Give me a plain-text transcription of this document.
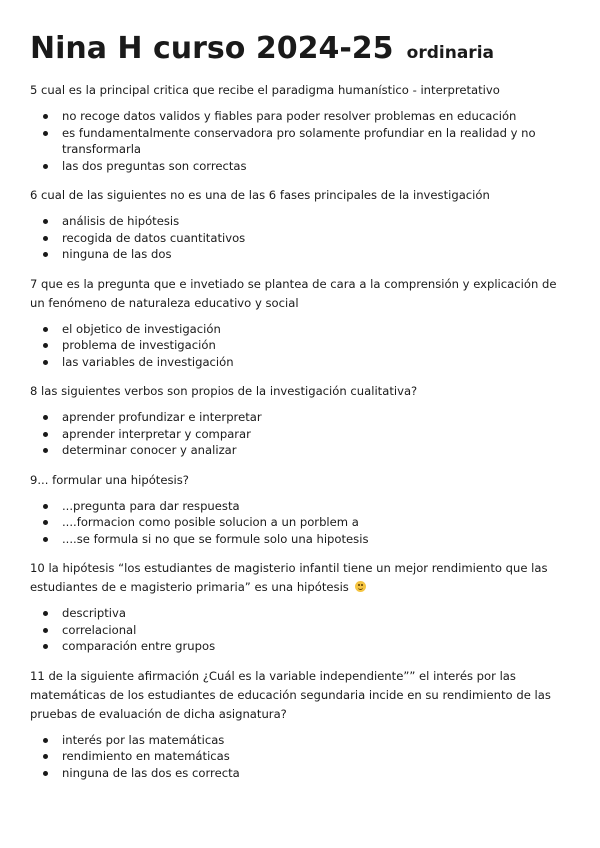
Nina H curso 2024-25 ordinaria

5 cual es la principal critica que recibe el paradigma humanístico - interpretativo

no recoge datos validos y fiables para poder resolver problemas en educación
es fundamentalmente conservadora pro solamente profundiar en la realidad y no transformarla
las dos preguntas son correctas

6 cual de las siguientes no es una de las 6 fases principales de la investigación

análisis de hipótesis
recogida de datos cuantitativos
ninguna de las dos

7 que es la pregunta que e invetiado se plantea de cara a la comprensión y explicación de un fenómeno de naturaleza educativo y social

el objetico de investigación
problema de investigación
las variables de investigación

8 las siguientes verbos son propios de la investigación cualitativa?

aprender profundizar e interpretar
aprender interpretar y comparar
determinar conocer y analizar

9... formular una hipótesis?

...pregunta para dar respuesta
....formacion como posible solucion a un porblem a
....se formula si no que se formule solo una hipotesis

10 la hipótesis “los estudiantes de magisterio infantil tiene un mejor rendimiento que las estudiantes de e magisterio primaria” es una hipótesis

descriptiva
correlacional
comparación entre grupos

11 de la siguiente afirmación ¿Cuál es la variable independiente”” el interés por las matemáticas de los estudiantes de educación segundaria incide en su rendimiento de las pruebas de evaluación de dicha asignatura?

interés por las matemáticas
rendimiento en matemáticas
ninguna de las dos es correcta
